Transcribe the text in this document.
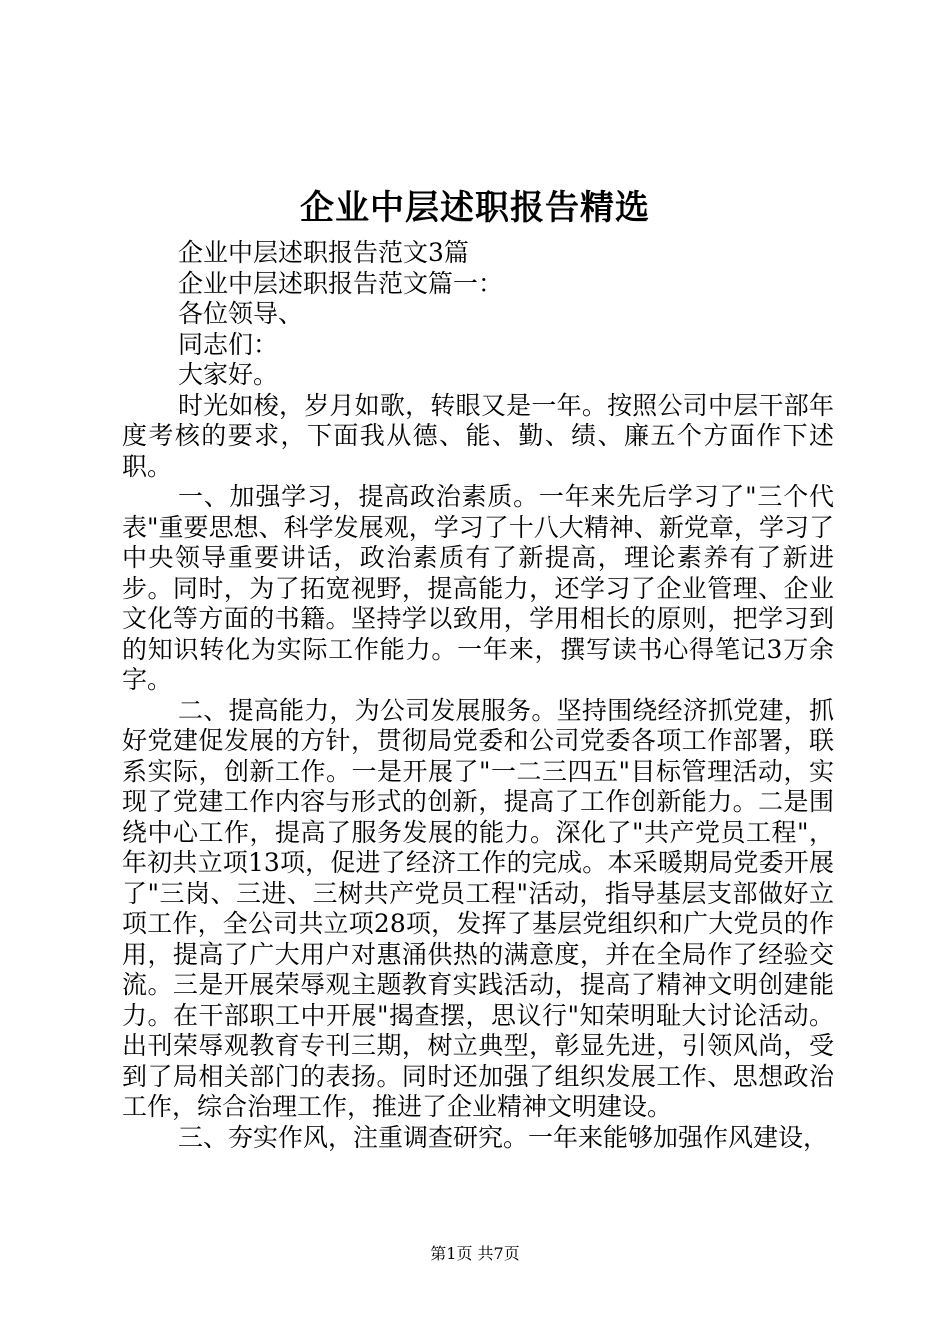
企业中层述职报告精选

企业中层述职报告范文3篇

企业中层述职报告范文篇一：

各位领导、

同志们：

大家好。

时光如梭，岁月如歌，转眼又是一年。按照公司中层干部年度考核的要求，下面我从德、能、勤、绩、廉五个方面作下述职。

一、加强学习，提高政治素质。一年来先后学习了"三个代表"重要思想、科学发展观，学习了十八大精神、新党章，学习了中央领导重要讲话，政治素质有了新提高，理论素养有了新进步。同时，为了拓宽视野，提高能力，还学习了企业管理、企业文化等方面的书籍。坚持学以致用，学用相长的原则，把学习到的知识转化为实际工作能力。一年来，撰写读书心得笔记3万余字。

二、提高能力，为公司发展服务。坚持围绕经济抓党建，抓好党建促发展的方针，贯彻局党委和公司党委各项工作部署，联系实际，创新工作。一是开展了"一二三四五"目标管理活动，实现了党建工作内容与形式的创新，提高了工作创新能力。二是围绕中心工作，提高了服务发展的能力。深化了"共产党员工程"，年初共立项13项，促进了经济工作的完成。本采暖期局党委开展了"三岗、三进、三树共产党员工程"活动，指导基层支部做好立项工作，全公司共立项28项，发挥了基层党组织和广大党员的作用，提高了广大用户对惠涌供热的满意度，并在全局作了经验交流。三是开展荣辱观主题教育实践活动，提高了精神文明创建能力。在干部职工中开展"揭查摆，思议行"知荣明耻大讨论活动。出刊荣辱观教育专刊三期，树立典型，彰显先进，引领风尚，受到了局相关部门的表扬。同时还加强了组织发展工作、思想政治工作，综合治理工作，推进了企业精神文明建设。

三、夯实作风，注重调查研究。一年来能够加强作风建设，

第1页 共7页
